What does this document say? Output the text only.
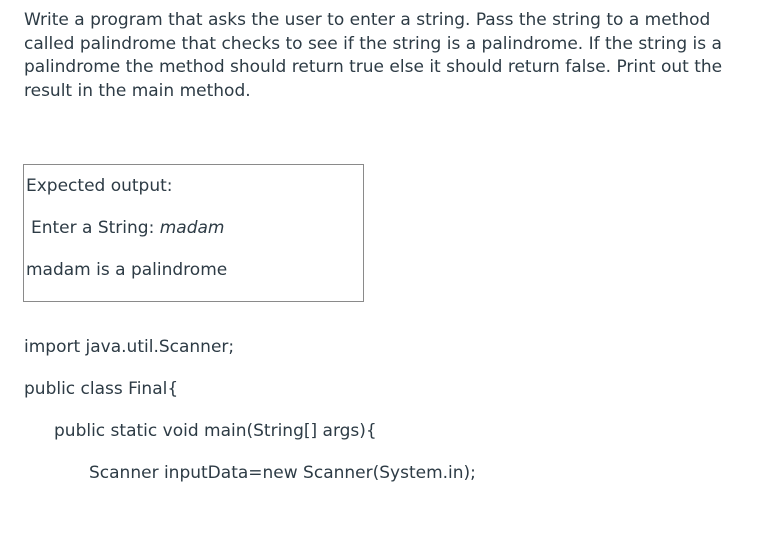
Write a program that asks the user to enter a string. Pass the string to a method called palindrome that checks to see if the string is a palindrome. If the string is a palindrome the method should return true else it should return false. Print out the result in the main method.

Expected output:
Enter a String: madam
madam is a palindrome
import java.util.Scanner;
public class Final{
public static void main(String[] args){
Scanner inputData=new Scanner(System.in);
